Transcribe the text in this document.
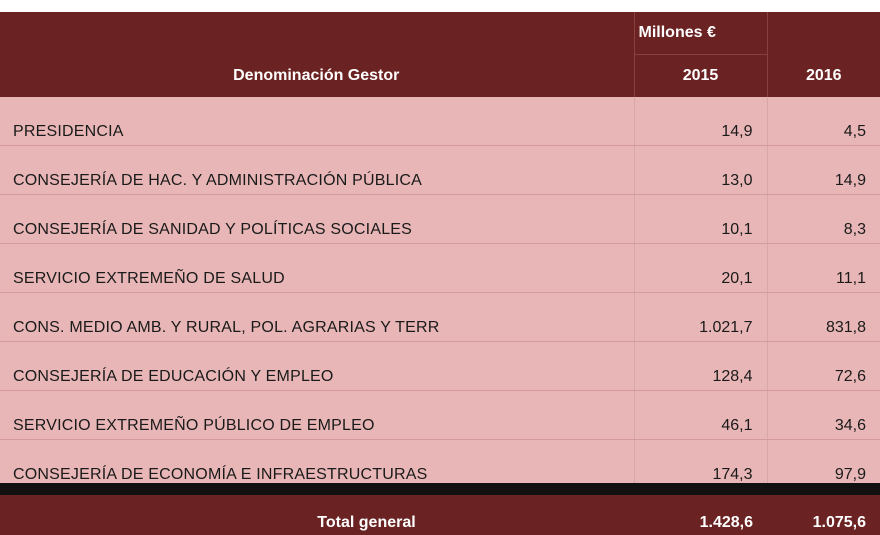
	Millones €	
Denominación Gestor	2015	2016
PRESIDENCIA	14,9	4,5
CONSEJERÍA DE HAC. Y ADMINISTRACIÓN PÚBLICA	13,0	14,9
CONSEJERÍA DE SANIDAD Y POLÍTICAS SOCIALES	10,1	8,3
SERVICIO EXTREMEÑO DE SALUD	20,1	11,1
CONS. MEDIO AMB. Y RURAL, POL. AGRARIAS Y TERR	1.021,7	831,8
CONSEJERÍA DE EDUCACIÓN Y EMPLEO	128,4	72,6
SERVICIO EXTREMEÑO PÚBLICO DE EMPLEO	46,1	34,6
CONSEJERÍA DE ECONOMÍA E INFRAESTRUCTURAS	174,3	97,9
Total general	1.428,6	1.075,6
